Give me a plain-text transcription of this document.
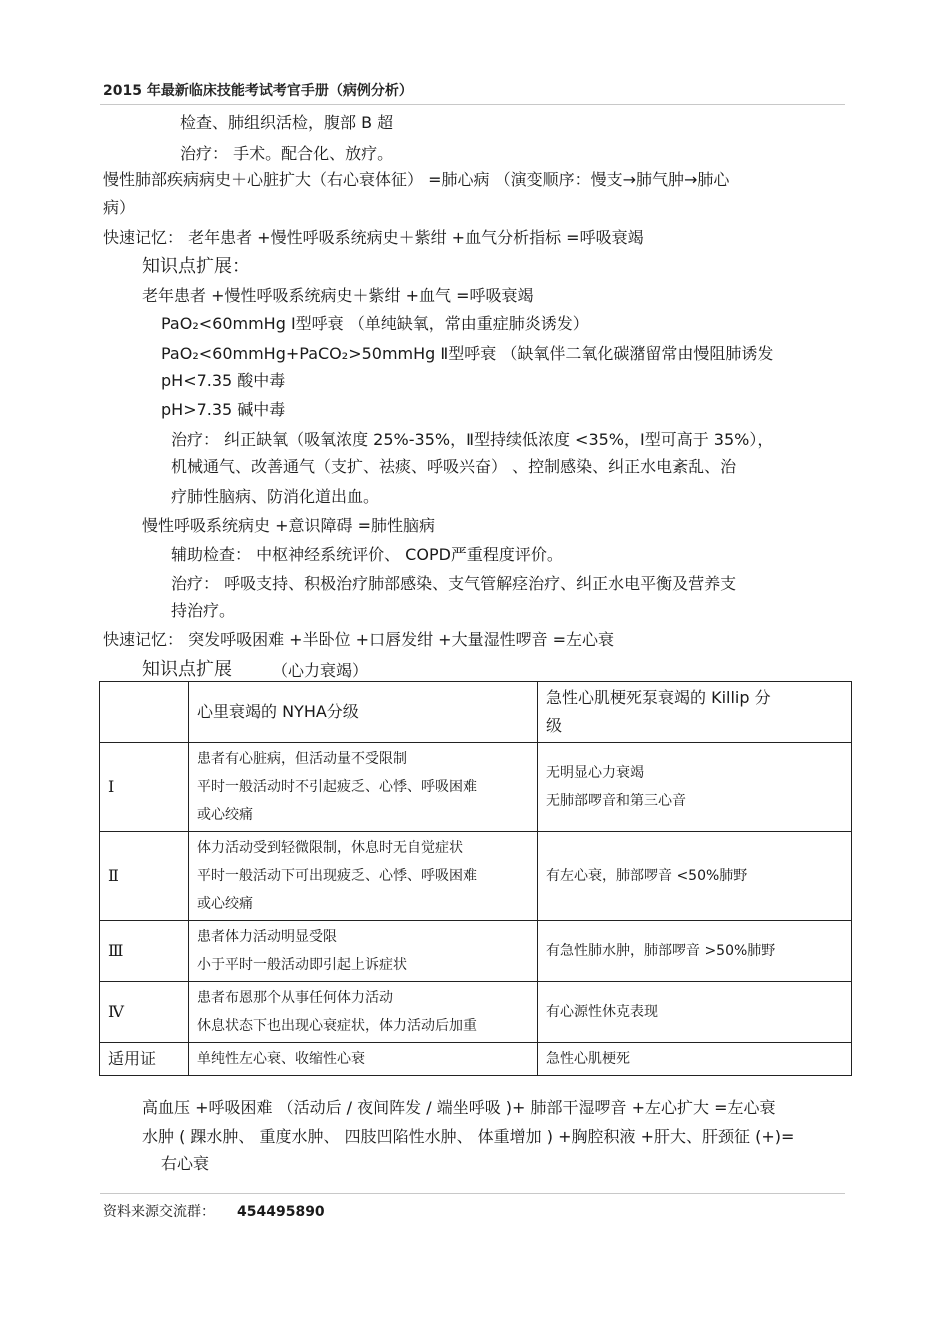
2015 年最新临床技能考试考官手册（病例分析）
检查、肺组织活检，腹部 B 超
治疗： 手术。配合化、放疗。
慢性肺部疾病病史＋心脏扩大（右心衰体征） =肺心病 （演变顺序：慢支→肺气肿→肺心
病）
快速记忆： 老年患者 +慢性呼吸系统病史＋紫绀 +血气分析指标 =呼吸衰竭
知识点扩展：
老年患者 +慢性呼吸系统病史＋紫绀 +血气 =呼吸衰竭
PaO₂<60mmHg Ⅰ型呼衰 （单纯缺氧，常由重症肺炎诱发）
PaO₂<60mmHg+PaCO₂>50mmHg Ⅱ型呼衰 （缺氧伴二氧化碳潴留常由慢阻肺诱发
pH<7.35 酸中毒
pH>7.35 碱中毒
治疗： 纠正缺氧（吸氧浓度 25%-35%，Ⅱ型持续低浓度 <35%，Ⅰ型可高于 35%），
机械通气、改善通气（支扩、祛痰、呼吸兴奋） 、控制感染、纠正水电紊乱、治
疗肺性脑病、防消化道出血。
慢性呼吸系统病史 +意识障碍 =肺性脑病
辅助检查： 中枢神经系统评价、 COPD严重程度评价。
治疗： 呼吸支持、积极治疗肺部感染、支气管解痉治疗、纠正水电平衡及营养支
持治疗。
快速记忆： 突发呼吸困难 +半卧位 +口唇发绀 +大量湿性啰音 =左心衰
知识点扩展	（心力衰竭）
	心里衰竭的 NYHA分级	急性心肌梗死泵衰竭的 Killip 分
级

Ⅰ	患者有心脏病，但活动量不受限制
平时一般活动时不引起疲乏、心悸、呼吸困难
或心绞痛	无明显心力衰竭
无肺部啰音和第三心音

Ⅱ	体力活动受到轻微限制，休息时无自觉症状
平时一般活动下可出现疲乏、心悸、呼吸困难
或心绞痛	有左心衰，肺部啰音 <50%肺野

Ⅲ	患者体力活动明显受限
小于平时一般活动即引起上诉症状	有急性肺水肿，肺部啰音 >50%肺野

Ⅳ	患者布恩那个从事任何体力活动
休息状态下也出现心衰症状，体力活动后加重	有心源性休克表现

适用证	单纯性左心衰、收缩性心衰	急性心肌梗死
高血压 +呼吸困难 （活动后 / 夜间阵发 / 端坐呼吸 )+ 肺部干湿啰音 +左心扩大 =左心衰
水肿 ( 踝水肿、 重度水肿、 四肢凹陷性水肿、 体重增加 ) +胸腔积液 +肝大、肝颈征 (+)=
右心衰
资料来源交流群： 454495890
